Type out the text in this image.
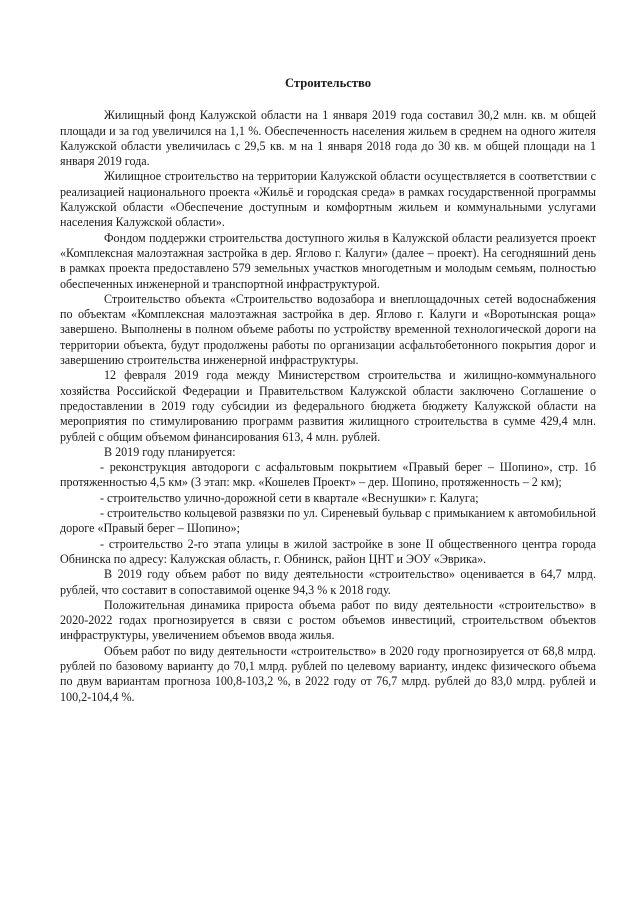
Строительство

Жилищный фонд Калужской области на 1 января 2019 года составил 30,2 млн. кв. м общей площади и за год увеличился на 1,1 %. Обеспеченность населения жильем в среднем на одного жителя Калужской области увеличилась с 29,5 кв. м на 1 января 2018 года до 30 кв. м общей площади на 1 января 2019 года.

Жилищное строительство на территории Калужской области осуществляется в соответствии с реализацией национального проекта «Жильё и городская среда» в рамках государственной программы Калужской области «Обеспечение доступным и комфортным жильем и коммунальными услугами населения Калужской области».

Фондом поддержки строительства доступного жилья в Калужской области реализуется проект «Комплексная малоэтажная застройка в дер. Яглово г. Калуги» (далее – проект). На сегодняшний день в рамках проекта предоставлено 579 земельных участков многодетным и молодым семьям, полностью обеспеченных инженерной и транспортной инфраструктурой.

Строительство объекта «Строительство водозабора и внеплощадочных сетей водоснабжения по объектам «Комплексная малоэтажная застройка в дер. Яглово г. Калуги и «Воротынская роща» завершено. Выполнены в полном объеме работы по устройству временной технологической дороги на территории объекта, будут продолжены работы по организации асфальтобетонного покрытия дорог и завершению строительства инженерной инфраструктуры.

12 февраля 2019 года между Министерством строительства и жилищно-коммунального хозяйства Российской Федерации и Правительством Калужской области заключено Соглашение о предоставлении в 2019 году субсидии из федерального бюджета бюджету Калужской области на мероприятия по стимулированию программ развития жилищного строительства в сумме 429,4 млн. рублей с общим объемом финансирования 613, 4 млн. рублей.

В 2019 году планируется:

- реконструкция автодороги с асфальтовым покрытием «Правый берег – Шопино», стр. 1б протяженностью 4,5 км» (3 этап: мкр. «Кошелев Проект» – дер. Шопино, протяженность – 2 км);

- строительство улично-дорожной сети в квартале «Веснушки» г. Калуга;

- строительство кольцевой развязки по ул. Сиреневый бульвар с примыканием к автомобильной дороге «Правый берег – Шопино»;

- строительство 2-го этапа улицы в жилой застройке в зоне II общественного центра города Обнинска по адресу: Калужская область, г. Обнинск, район ЦНТ и ЭОУ «Эврика».

В 2019 году объем работ по виду деятельности «строительство» оценивается в 64,7 млрд. рублей, что составит в сопоставимой оценке 94,3 % к 2018 году.

Положительная динамика прироста объема работ по виду деятельности «строительство» в 2020-2022 годах прогнозируется в связи с ростом объемов инвестиций, строительством объектов инфраструктуры, увеличением объемов ввода жилья.

Объем работ по виду деятельности «строительство» в 2020 году прогнозируется от 68,8 млрд. рублей по базовому варианту до 70,1 млрд. рублей по целевому варианту, индекс физического объема по двум вариантам прогноза 100,8-103,2 %, в 2022 году от 76,7 млрд. рублей до 83,0 млрд. рублей и 100,2-104,4 %.
